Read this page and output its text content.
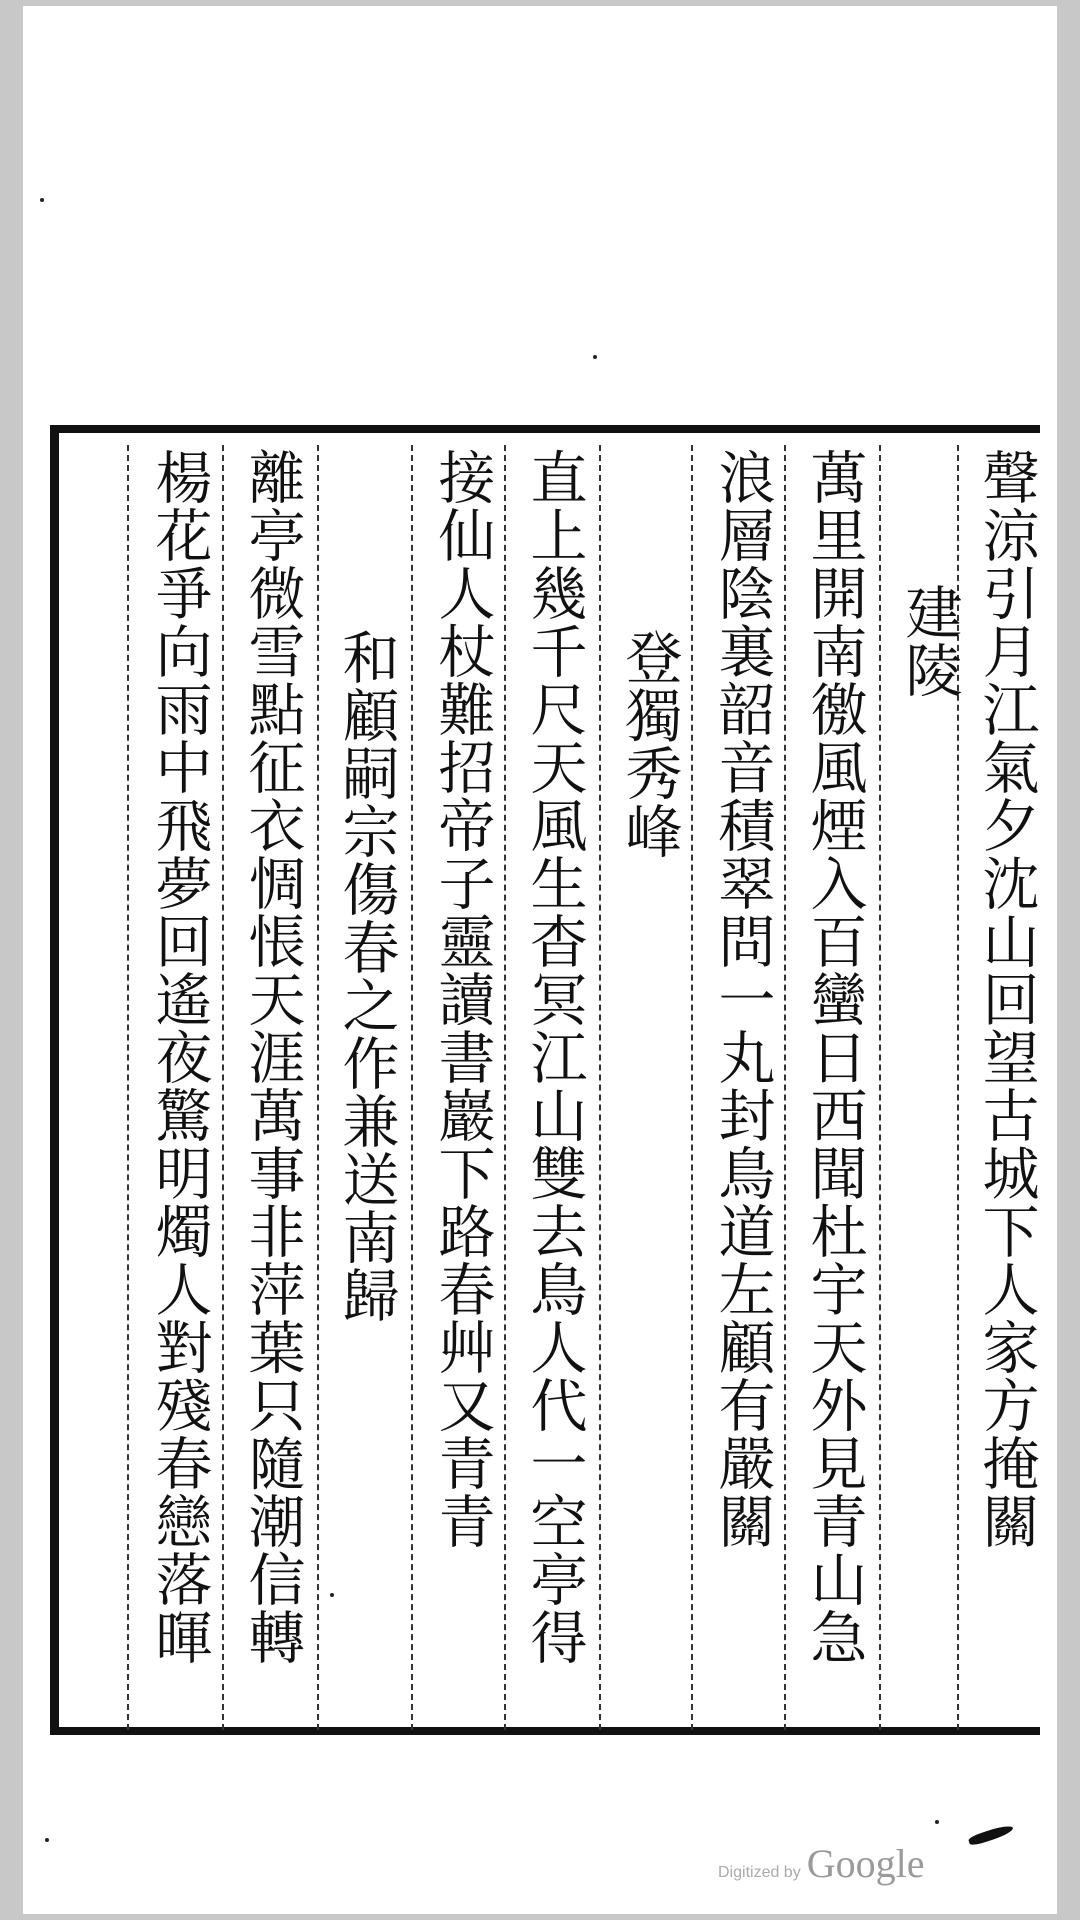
聲涼引月江氣夕沈山回望古城下人家方掩關
建陵
萬里開南徼風煙入百蠻日西聞杜宇天外見青山急
浪層陰裏韶音積翠問一丸封鳥道左顧有嚴關
登獨秀峰
直上幾千尺天風生杳冥江山雙去鳥人代一空亭得
接仙人杖難招帝子靈讀書巖下路春艸又青青
和顧嗣宗傷春之作兼送南歸
離亭微雪點征衣惆悵天涯萬事非萍葉只隨潮信轉
楊花爭向雨中飛夢回遙夜驚明燭人對殘春戀落暉
Digitized by Google
